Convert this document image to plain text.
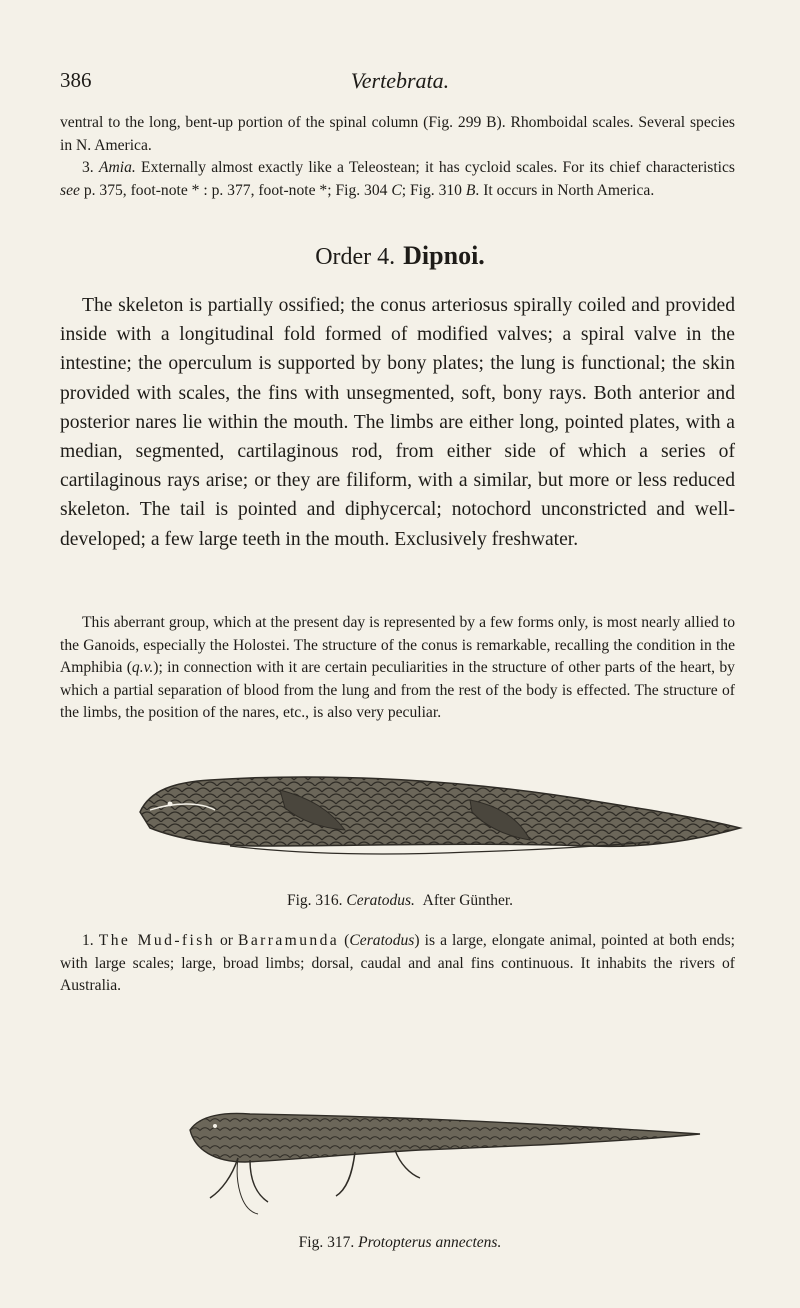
386	Vertebrata.

ventral to the long, bent-up portion of the spinal column (Fig. 299 B). Rhomboidal scales. Several species in N. America.

3. Amia. Externally almost exactly like a Teleostean; it has cycloid scales. For its chief characteristics see p. 375, foot-note * : p. 377, foot-note *; Fig. 304 C; Fig. 310 B. It occurs in North America.

Order 4. Dipnoi.

The skeleton is partially ossified; the conus arteriosus spirally coiled and provided inside with a longitudinal fold formed of modified valves; a spiral valve in the intestine; the operculum is supported by bony plates; the lung is functional; the skin provided with scales, the fins with unsegmented, soft, bony rays. Both anterior and posterior nares lie within the mouth. The limbs are either long, pointed plates, with a median, segmented, cartilaginous rod, from either side of which a series of cartilaginous rays arise; or they are filiform, with a similar, but more or less reduced skeleton. The tail is pointed and diphycercal; notochord unconstricted and well-developed; a few large teeth in the mouth. Exclusively freshwater.

This aberrant group, which at the present day is represented by a few forms only, is most nearly allied to the Ganoids, especially the Holostei. The structure of the conus is remarkable, recalling the condition in the Amphibia (q.v.); in connection with it are certain peculiarities in the structure of other parts of the heart, by which a partial separation of blood from the lung and from the rest of the body is effected. The structure of the limbs, the position of the nares, etc., is also very peculiar.

Fig. 316. Ceratodus. After Günther.

1. The Mud-fish or Barramunda (Ceratodus) is a large, elongate animal, pointed at both ends; with large scales; large, broad limbs; dorsal, caudal and anal fins continuous. It inhabits the rivers of Australia.

Fig. 317. Protopterus annectens.
